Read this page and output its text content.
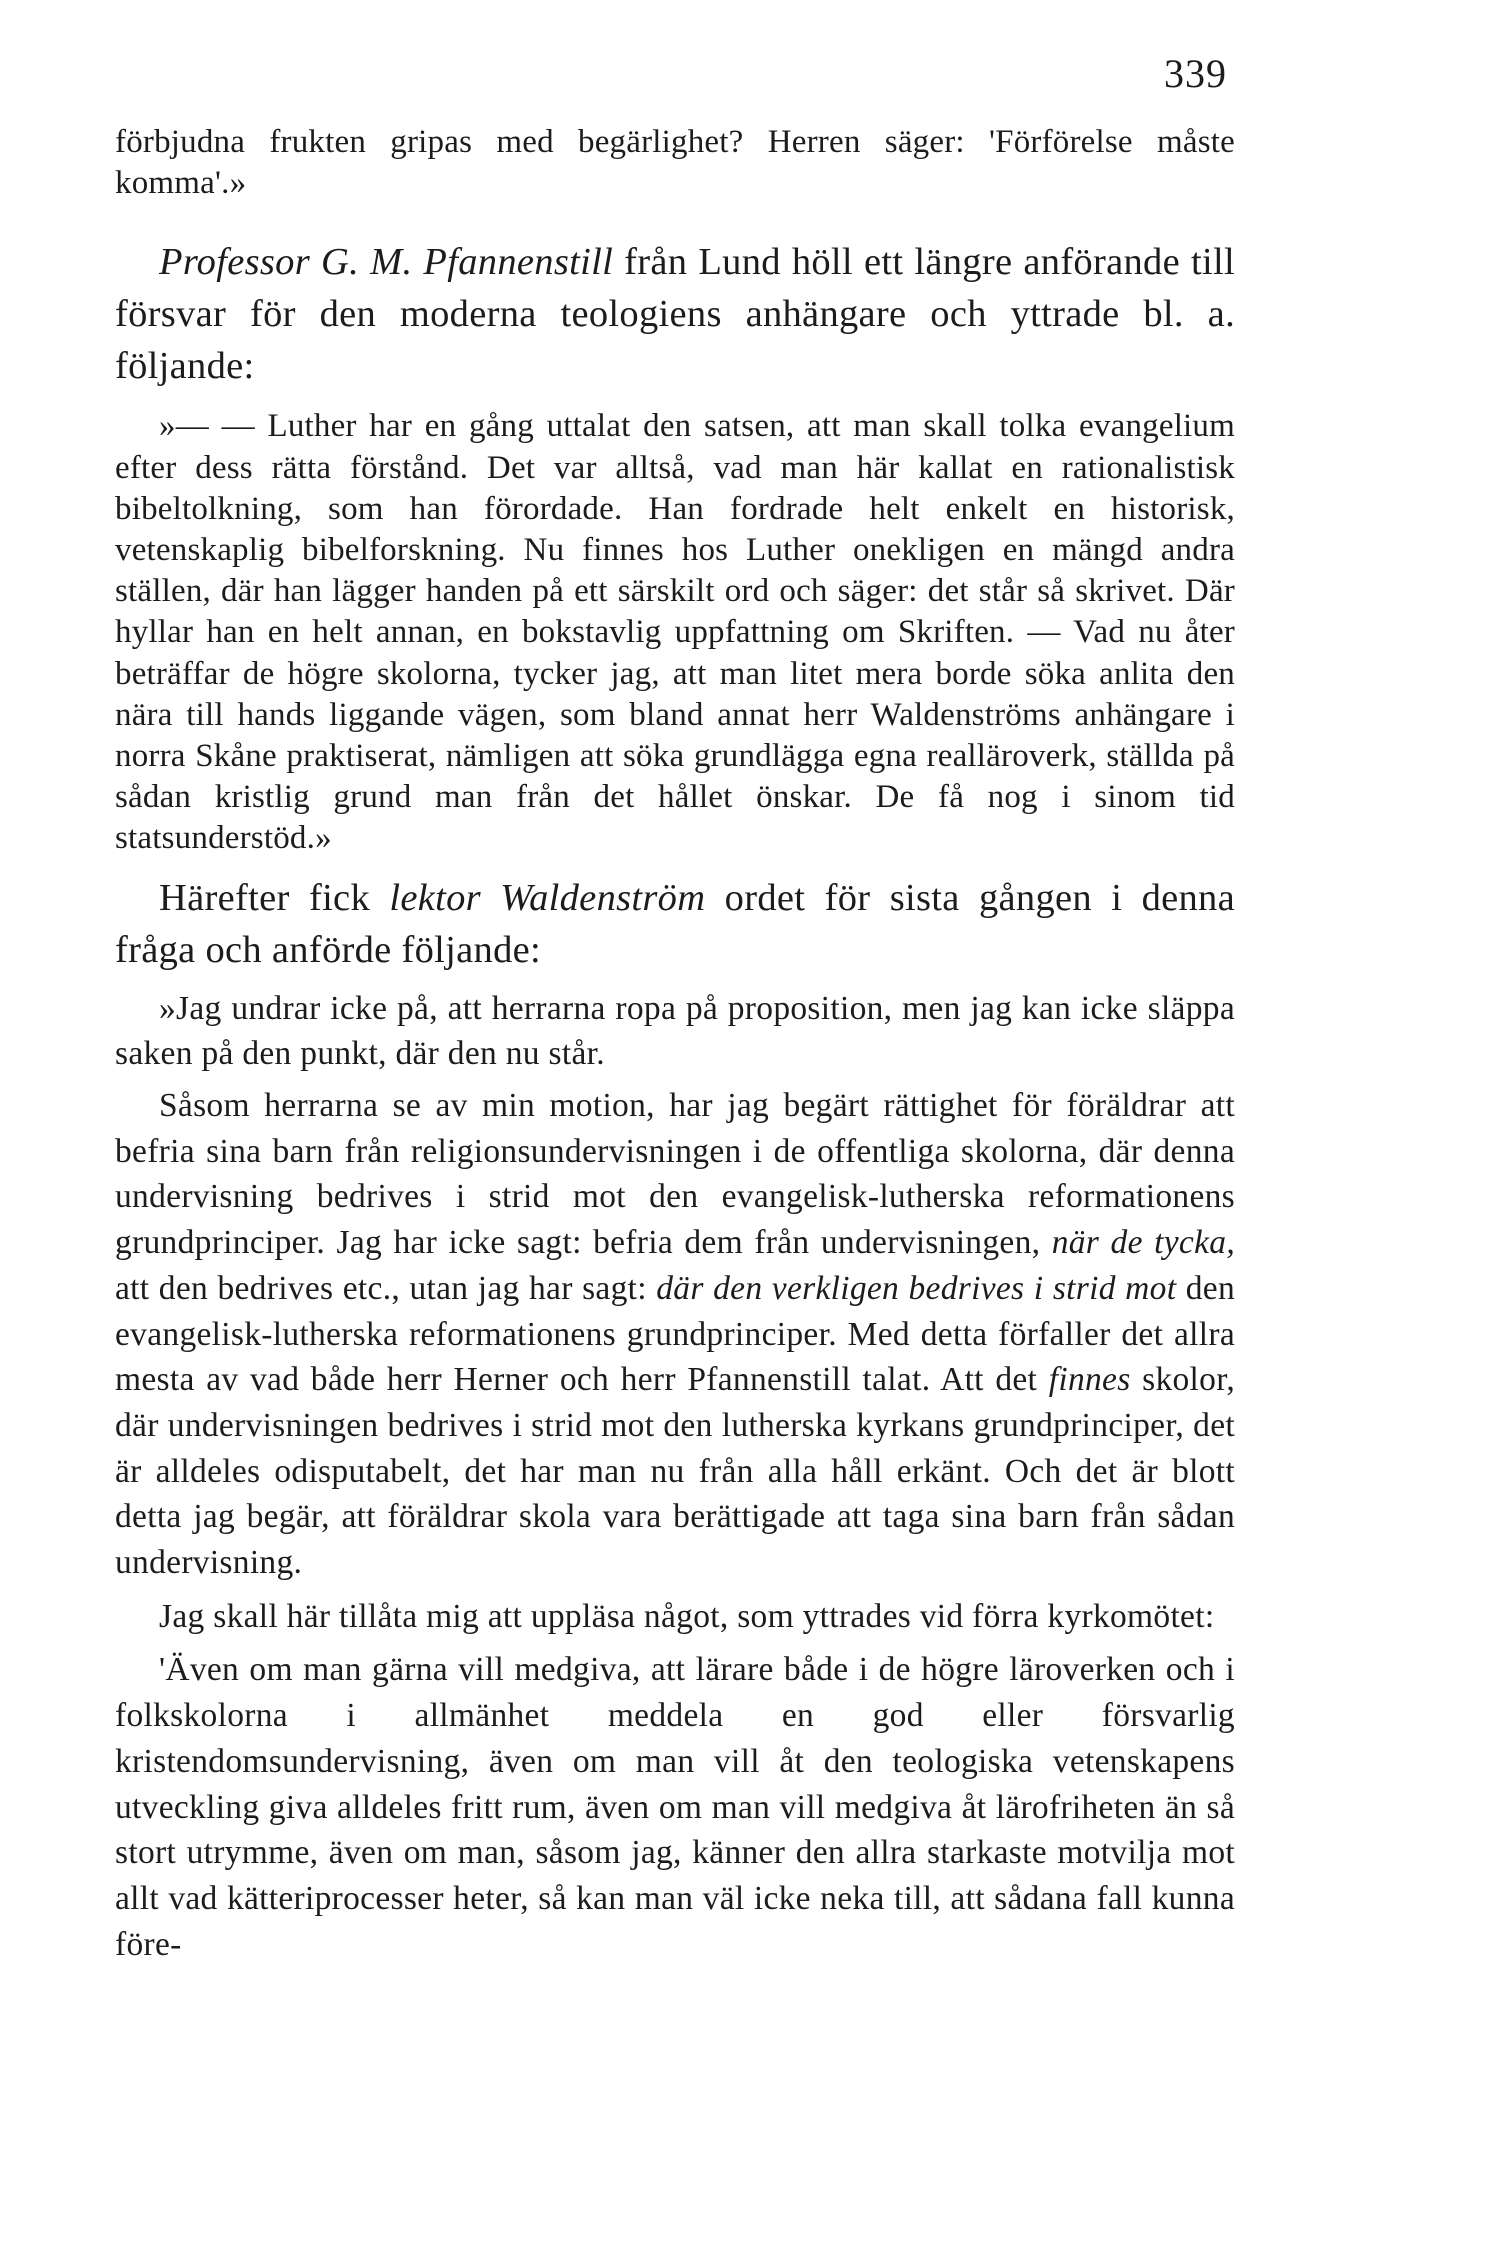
339

förbjudna frukten gripas med begärlighet? Herren säger: 'Förförelse måste komma'.»

Professor G. M. Pfannenstill från Lund höll ett längre anförande till försvar för den moderna teologiens anhängare och yttrade bl. a. följande:

»— — Luther har en gång uttalat den satsen, att man skall tolka evangelium efter dess rätta förstånd. Det var alltså, vad man här kallat en rationalistisk bibeltolkning, som han förordade. Han fordrade helt enkelt en historisk, vetenskaplig bibelforskning. Nu finnes hos Luther onekligen en mängd andra ställen, där han lägger handen på ett särskilt ord och säger: det står så skrivet. Där hyllar han en helt annan, en bokstavlig uppfattning om Skriften. — Vad nu åter beträffar de högre skolorna, tycker jag, att man litet mera borde söka anlita den nära till hands liggande vägen, som bland annat herr Waldenströms anhängare i norra Skåne praktiserat, nämligen att söka grundlägga egna realläroverk, ställda på sådan kristlig grund man från det hållet önskar. De få nog i sinom tid statsunderstöd.»

Härefter fick lektor Waldenström ordet för sista gången i denna fråga och anförde följande:

»Jag undrar icke på, att herrarna ropa på proposition, men jag kan icke släppa saken på den punkt, där den nu står.

Såsom herrarna se av min motion, har jag begärt rättighet för föräldrar att befria sina barn från religionsundervisningen i de offentliga skolorna, där denna undervisning bedrives i strid mot den evangelisk-lutherska reformationens grundprinciper. Jag har icke sagt: befria dem från undervisningen, när de tycka, att den bedrives etc., utan jag har sagt: där den verkligen bedrives i strid mot den evangelisk-lutherska reformationens grundprinciper. Med detta förfaller det allra mesta av vad både herr Herner och herr Pfannenstill talat. Att det finnes skolor, där undervisningen bedrives i strid mot den lutherska kyrkans grundprinciper, det är alldeles odisputabelt, det har man nu från alla håll erkänt. Och det är blott detta jag begär, att föräldrar skola vara berättigade att taga sina barn från sådan undervisning.

Jag skall här tillåta mig att uppläsa något, som yttrades vid förra kyrkomötet:

'Även om man gärna vill medgiva, att lärare både i de högre läroverken och i folkskolorna i allmänhet meddela en god eller försvarlig kristendomsundervisning, även om man vill åt den teologiska vetenskapens utveckling giva alldeles fritt rum, även om man vill medgiva åt lärofriheten än så stort utrymme, även om man, såsom jag, känner den allra starkaste motvilja mot allt vad kätteriprocesser heter, så kan man väl icke neka till, att sådana fall kunna före-
